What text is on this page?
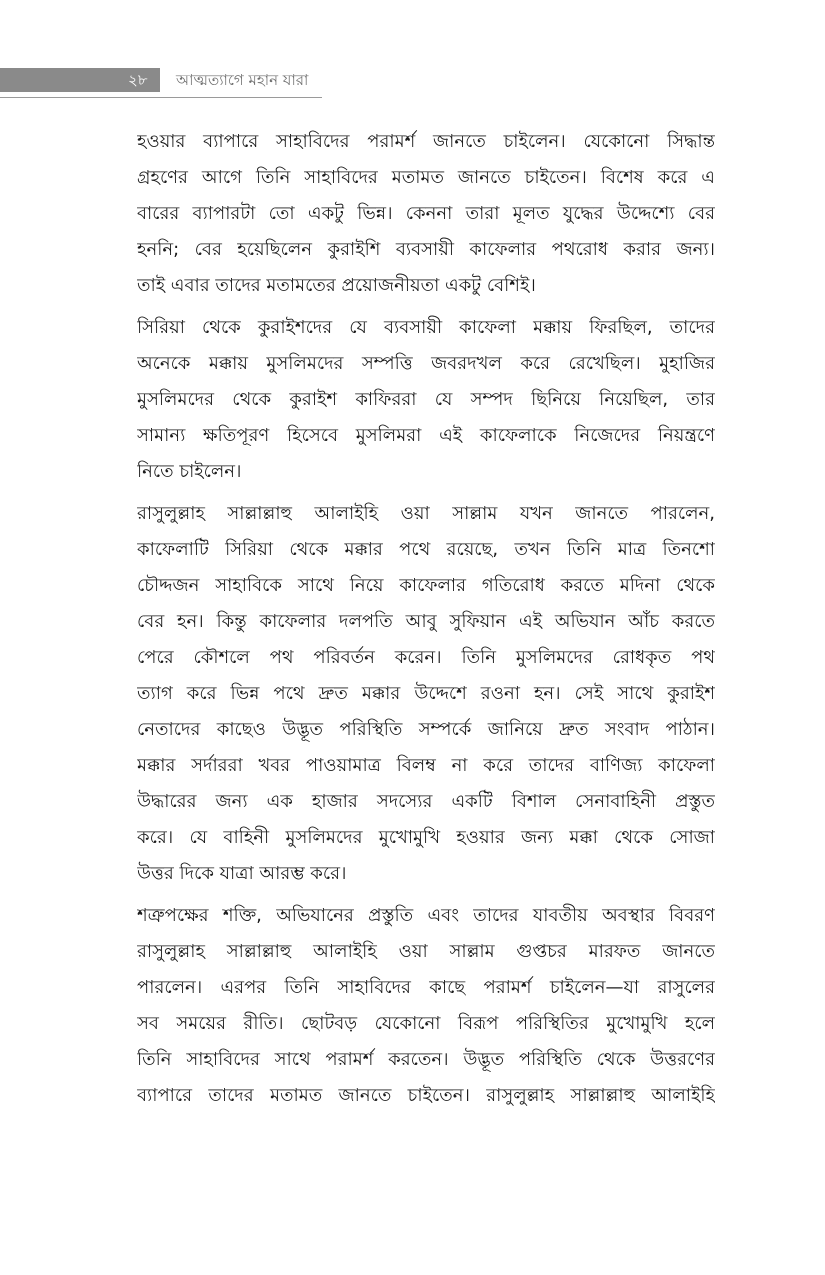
২৮ আত্মত্যাগে মহান যারা

হওয়ার ব্যাপারে সাহাবিদের পরামর্শ জানতে চাইলেন। যেকোনো সিদ্ধান্ত
গ্রহণের আগে তিনি সাহাবিদের মতামত জানতে চাইতেন। বিশেষ করে এ
বারের ব্যাপারটা তো একটু ভিন্ন। কেননা তারা মূলত যুদ্ধের উদ্দেশ্যে বের
হননি; বের হয়েছিলেন কুরাইশি ব্যবসায়ী কাফেলার পথরোধ করার জন্য।
তাই এবার তাদের মতামতের প্রয়োজনীয়তা একটু বেশিই।

সিরিয়া থেকে কুরাইশদের যে ব্যবসায়ী কাফেলা মক্কায় ফিরছিল, তাদের
অনেকে মক্কায় মুসলিমদের সম্পত্তি জবরদখল করে রেখেছিল। মুহাজির
মুসলিমদের থেকে কুরাইশ কাফিররা যে সম্পদ ছিনিয়ে নিয়েছিল, তার
সামান্য ক্ষতিপূরণ হিসেবে মুসলিমরা এই কাফেলাকে নিজেদের নিয়ন্ত্রণে
নিতে চাইলেন।

রাসুলুল্লাহ সাল্লাল্লাহু আলাইহি ওয়া সাল্লাম যখন জানতে পারলেন,
কাফেলাটি সিরিয়া থেকে মক্কার পথে রয়েছে, তখন তিনি মাত্র তিনশো
চৌদ্দজন সাহাবিকে সাথে নিয়ে কাফেলার গতিরোধ করতে মদিনা থেকে
বের হন। কিন্তু কাফেলার দলপতি আবু সুফিয়ান এই অভিযান আঁচ করতে
পেরে কৌশলে পথ পরিবর্তন করেন। তিনি মুসলিমদের রোধকৃত পথ
ত্যাগ করে ভিন্ন পথে দ্রুত মক্কার উদ্দেশে রওনা হন। সেই সাথে কুরাইশ
নেতাদের কাছেও উদ্ভূত পরিস্থিতি সম্পর্কে জানিয়ে দ্রুত সংবাদ পাঠান।
মক্কার সর্দাররা খবর পাওয়ামাত্র বিলম্ব না করে তাদের বাণিজ্য কাফেলা
উদ্ধারের জন্য এক হাজার সদস্যের একটি বিশাল সেনাবাহিনী প্রস্তুত
করে। যে বাহিনী মুসলিমদের মুখোমুখি হওয়ার জন্য মক্কা থেকে সোজা
উত্তর দিকে যাত্রা আরম্ভ করে।

শত্রুপক্ষের শক্তি, অভিযানের প্রস্তুতি এবং তাদের যাবতীয় অবস্থার বিবরণ
রাসুলুল্লাহ সাল্লাল্লাহু আলাইহি ওয়া সাল্লাম গুপ্তচর মারফত জানতে
পারলেন। এরপর তিনি সাহাবিদের কাছে পরামর্শ চাইলেন—যা রাসুলের
সব সময়ের রীতি। ছোটবড় যেকোনো বিরূপ পরিস্থিতির মুখোমুখি হলে
তিনি সাহাবিদের সাথে পরামর্শ করতেন। উদ্ভূত পরিস্থিতি থেকে উত্তরণের
ব্যাপারে তাদের মতামত জানতে চাইতেন। রাসুলুল্লাহ সাল্লাল্লাহু আলাইহি
